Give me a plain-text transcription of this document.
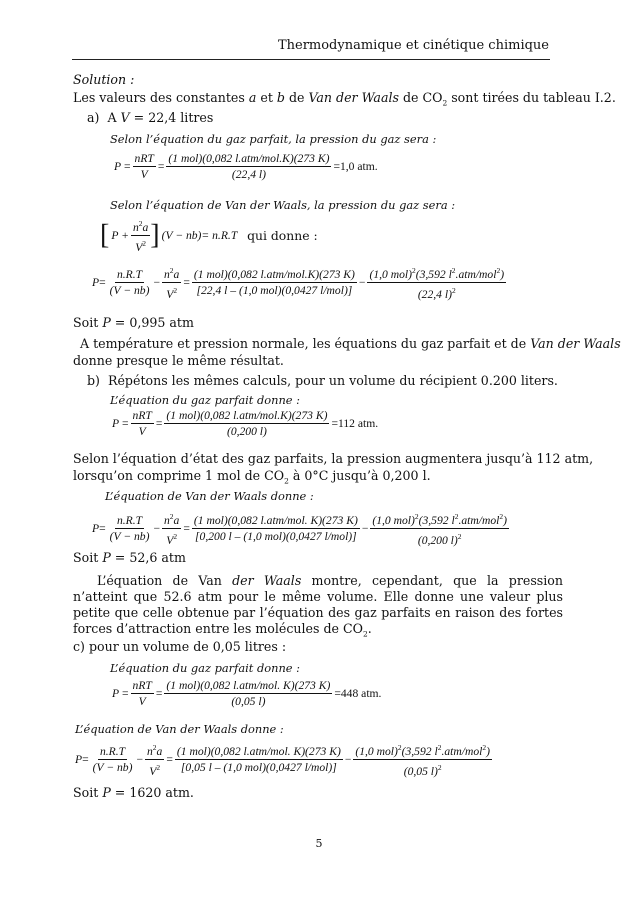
Thermodynamique et cinétique chimique
Solution :
Les valeurs des constantes a et b de Van der Waals de $CO_2$ sont tirées du tableau I.2.
a) A V = 22,4 litres
Selon l’équation du gaz parfait, la pression du gaz sera :
$P = \frac{\text{nRT}}{V} = \frac{\text{(1 mol)(0,082 l.atm/mol.K)(273 K)}}{(22,4 l)} =1,0$ atm.
Selon l’équation de Van der Waals, la pression du gaz sera :
[ $P + \frac{n^2a}{V^2}$ ] (V − nb)= n.R.T qui donne :
$P= \frac{n.R.T}{(V - nb)} - \frac{n^2a}{V^2} = \frac{\text{(1 mol)(0,082 l.atm/mol.K)(273 K)}}{\text{[22,4 l – (1,0 mol)(0,0427 l/mol)]}} - \frac{(1,0 mol)^2(3,592 l^2.atm/mol^2)}{(22,4 l)^2}$
Soit P = 0,995 atm
A température et pression normale, les équations du gaz parfait et de Van der Waals
donne presque le même résultat.
b) Répétons les mêmes calculs, pour un volume du récipient 0.200 liters.
L’équation du gaz parfait donne :
$P = \frac{\text{nRT}}{V} = \frac{\text{(1 mol)(0,082 l.atm/mol.K)(273 K)}}{(0,200 l)} =112$ atm.
Selon l’équation d’état des gaz parfaits, la pression augmentera jusqu’à 112 atm,
lorsqu’on comprime 1 mol de $CO_2$ à 0°C jusqu’à 0,200 l.
L’équation de Van der Waals donne :
$P= \frac{n.R.T}{(V - nb)} - \frac{n^2a}{V^2} = \frac{\text{(1 mol)(0,082 l.atm/mol. K)(273 K)}}{\text{[0,200 l – (1,0 mol)(0,0427 l/mol)]}} - \frac{(1,0 mol)^2(3,592 l^2.atm/mol^2)}{(0,200 l)^2}$
Soit P = 52,6 atm
L’équation de Van der Waals montre, cependant, que la pression n’atteint que 52.6 atm pour le même volume. Elle donne une valeur plus petite que celle obtenue par l’équation des gaz parfaits en raison des fortes forces d’attraction entre les molécules de $CO_2$.
c) pour un volume de 0,05 litres :
L’équation du gaz parfait donne :
$P = \frac{\text{nRT}}{V} = \frac{\text{(1 mol)(0,082 l.atm/mol. K)(273 K)}}{(0,05 l)} =448$ atm.
L’équation de Van der Waals donne :
$P= \frac{n.R.T}{(V - nb)} - \frac{n^2a}{V^2} = \frac{\text{(1 mol)(0,082 l.atm/mol. K)(273 K)}}{\text{[0,05 l – (1,0 mol)(0,0427 l/mol)]}} - \frac{(1,0 mol)^2(3,592 l^2.atm/mol^2)}{(0,05 l)^2}$
Soit P = 1620 atm.
5
